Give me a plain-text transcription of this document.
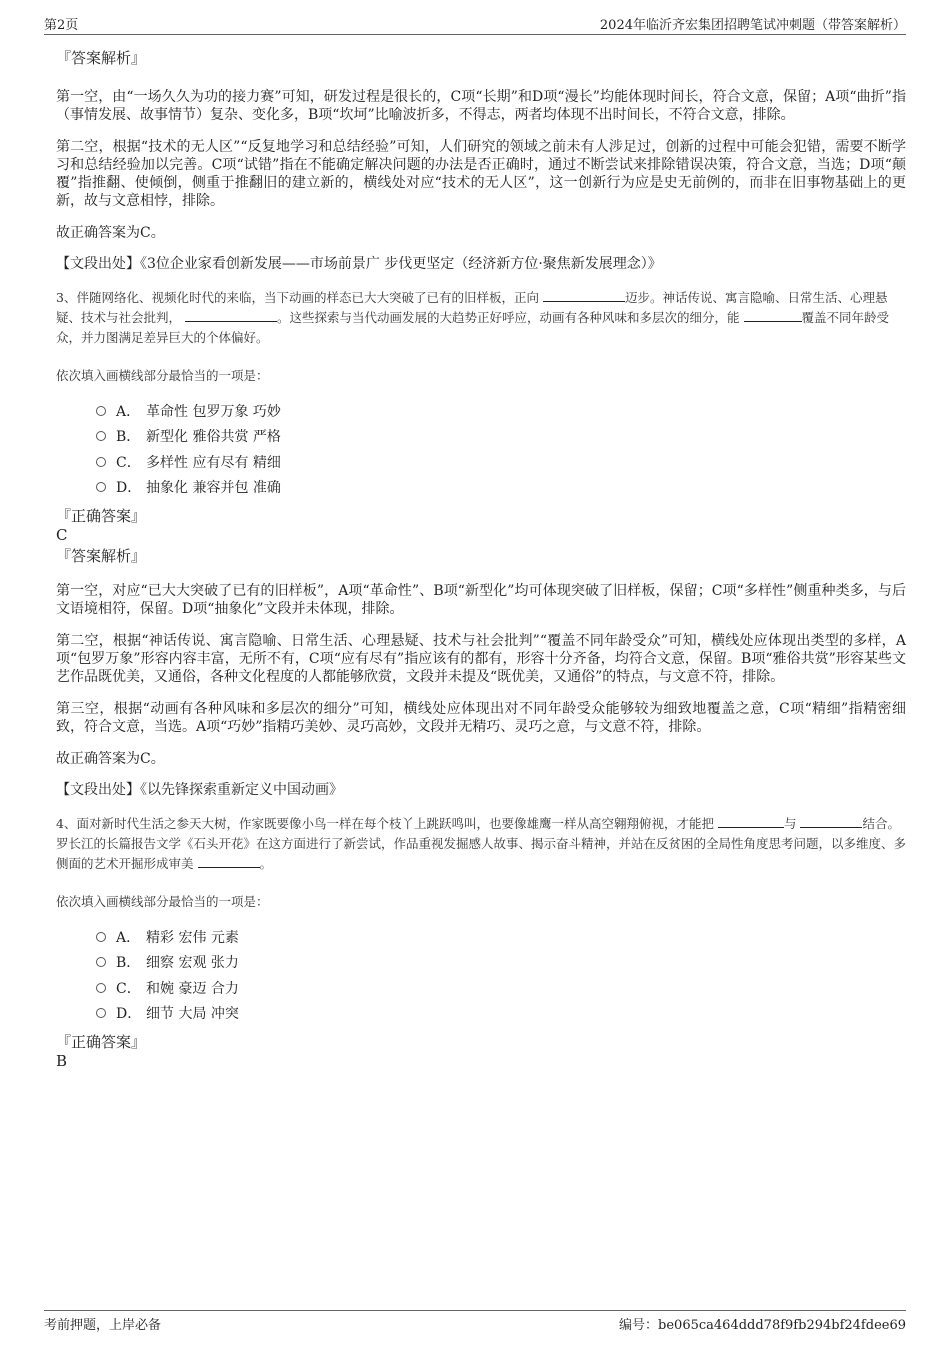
第2页	2024年临沂齐宏集团招聘笔试冲刺题（带答案解析）
『答案解析』

第一空，由“一场久久为功的接力赛”可知，研发过程是很长的，C项“长期”和D项“漫长”均能体现时间长，符合文意，保留；A项“曲折”指（事情发展、故事情节）复杂、变化多，B项“坎坷”比喻波折多，不得志，两者均体现不出时间长，不符合文意，排除。

第二空，根据“技术的无人区”“反复地学习和总结经验”可知，人们研究的领域之前未有人涉足过，创新的过程中可能会犯错，需要不断学习和总结经验加以完善。C项“试错”指在不能确定解决问题的办法是否正确时，通过不断尝试来排除错误决策，符合文意，当选；D项“颠覆”指推翻、使倾倒，侧重于推翻旧的建立新的，横线处对应“技术的无人区”，这一创新行为应是史无前例的，而非在旧事物基础上的更新，故与文意相悖，排除。

故正确答案为C。

【文段出处】《3位企业家看创新发展——市场前景广 步伐更坚定（经济新方位·聚焦新发展理念）》

3、伴随网络化、视频化时代的来临，当下动画的样态已大大突破了已有的旧样板，正向	迈步。神话传说、寓言隐喻、日常生活、心理悬疑、技术与社会批判，	。这些探索与当代动画发展的大趋势正好呼应，动画有各种风味和多层次的细分，能	覆盖不同年龄受众，并力图满足差异巨大的个体偏好。

依次填入画横线部分最恰当的一项是：

A． 革命性 包罗万象 巧妙
B． 新型化 雅俗共赏 严格
C． 多样性 应有尽有 精细
D． 抽象化 兼容并包 准确
『正确答案』

C

『答案解析』

第一空，对应“已大大突破了已有的旧样板”，A项“革命性”、B项“新型化”均可体现突破了旧样板，保留；C项“多样性”侧重种类多，与后文语境相符，保留。D项“抽象化”文段并未体现，排除。

第二空，根据“神话传说、寓言隐喻、日常生活、心理悬疑、技术与社会批判”“覆盖不同年龄受众”可知，横线处应体现出类型的多样，A项“包罗万象”形容内容丰富，无所不有，C项“应有尽有”指应该有的都有，形容十分齐备，均符合文意，保留。B项“雅俗共赏”形容某些文艺作品既优美，又通俗，各种文化程度的人都能够欣赏，文段并未提及“既优美，又通俗”的特点，与文意不符，排除。

第三空，根据“动画有各种风味和多层次的细分”可知，横线处应体现出对不同年龄受众能够较为细致地覆盖之意，C项“精细”指精密细致，符合文意，当选。A项“巧妙”指精巧美妙、灵巧高妙，文段并无精巧、灵巧之意，与文意不符，排除。

故正确答案为C。

【文段出处】《以先锋探索重新定义中国动画》

4、面对新时代生活之参天大树，作家既要像小鸟一样在每个枝丫上跳跃鸣叫，也要像雄鹰一样从高空翱翔俯视，才能把	与	结合。罗长江的长篇报告文学《石头开花》在这方面进行了新尝试，作品重视发掘感人故事、揭示奋斗精神，并站在反贫困的全局性角度思考问题，以多维度、多侧面的艺术开掘形成审美	。

依次填入画横线部分最恰当的一项是：

A． 精彩 宏伟 元素
B． 细察 宏观 张力
C． 和婉 豪迈 合力
D． 细节 大局 冲突
『正确答案』

B

考前押题，上岸必备	编号：be065ca464ddd78f9fb294bf24fdee69
